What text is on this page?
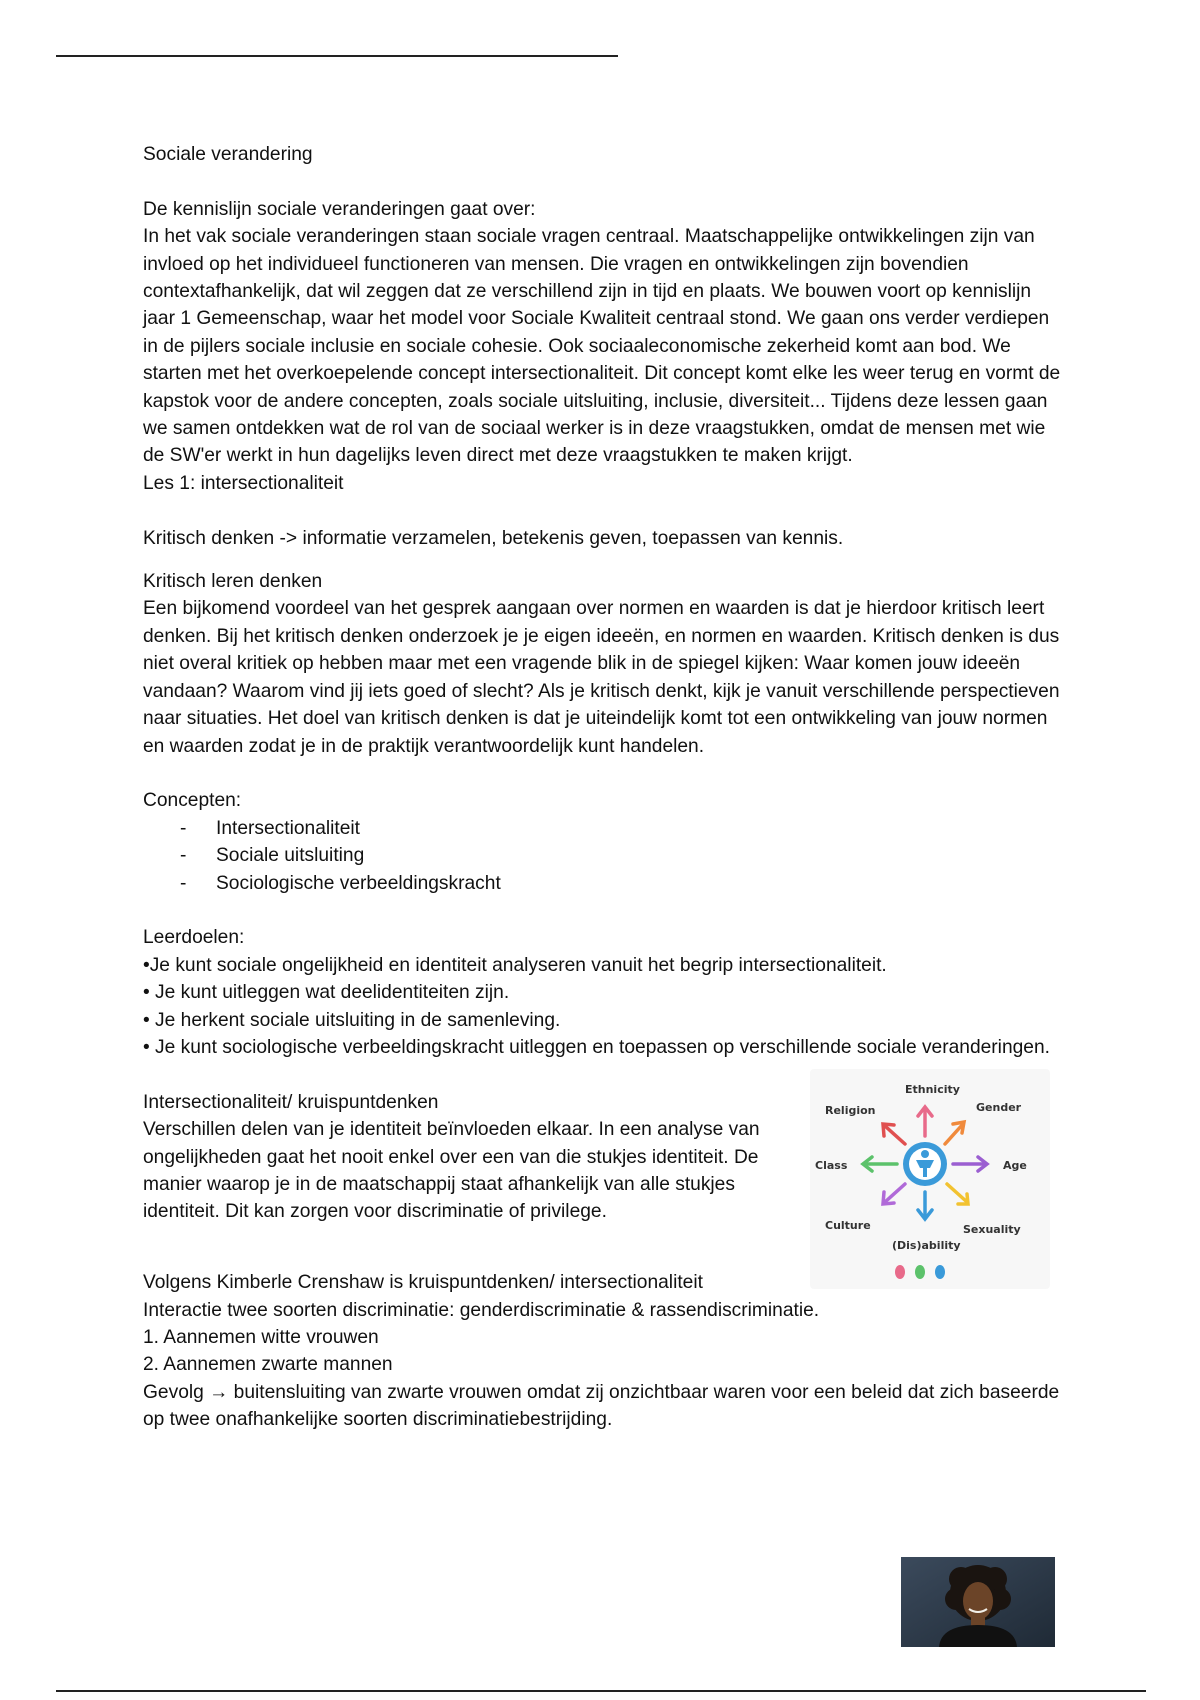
Sociale verandering

De kennislijn sociale veranderingen gaat over:

In het vak sociale veranderingen staan sociale vragen centraal. Maatschappelijke ontwikkelingen zijn van invloed op het individueel functioneren van mensen. Die vragen en ontwikkelingen zijn bovendien contextafhankelijk, dat wil zeggen dat ze verschillend zijn in tijd en plaats. We bouwen voort op kennislijn jaar 1 Gemeenschap, waar het model voor Sociale Kwaliteit centraal stond. We gaan ons verder verdiepen in de pijlers sociale inclusie en sociale cohesie. Ook sociaaleconomische zekerheid komt aan bod. We starten met het overkoepelende concept intersectionaliteit. Dit concept komt elke les weer terug en vormt de kapstok voor de andere concepten, zoals sociale uitsluiting, inclusie, diversiteit... Tijdens deze lessen gaan we samen ontdekken wat de rol van de sociaal werker is in deze vraagstukken, omdat de mensen met wie de SW'er werkt in hun dagelijks leven direct met deze vraagstukken te maken krijgt.

Les 1: intersectionaliteit

Kritisch denken -> informatie verzamelen, betekenis geven, toepassen van kennis.

Kritisch leren denken

Een bijkomend voordeel van het gesprek aangaan over normen en waarden is dat je hierdoor kritisch leert denken. Bij het kritisch denken onderzoek je je eigen ideeën, en normen en waarden. Kritisch denken is dus niet overal kritiek op hebben maar met een vragende blik in de spiegel kijken: Waar komen jouw ideeën vandaan? Waarom vind jij iets goed of slecht? Als je kritisch denkt, kijk je vanuit verschillende perspectieven naar situaties. Het doel van kritisch denken is dat je uiteindelijk komt tot een ontwikkeling van jouw normen en waarden zodat je in de praktijk verantwoordelijk kunt handelen.

Concepten:

- Intersectionaliteit
- Sociale uitsluiting
- Sociologische verbeeldingskracht

Leerdoelen:

•Je kunt sociale ongelijkheid en identiteit analyseren vanuit het begrip intersectionaliteit.

• Je kunt uitleggen wat deelidentiteiten zijn.

• Je herkent sociale uitsluiting in de samenleving.

• Je kunt sociologische verbeeldingskracht uitleggen en toepassen op verschillende sociale veranderingen.

Intersectionaliteit/ kruispuntdenken

Verschillen delen van je identiteit beïnvloeden elkaar. In een analyse van ongelijkheden gaat het nooit enkel over een van die stukjes identiteit. De manier waarop je in de maatschappij staat afhankelijk van alle stukjes identiteit. Dit kan zorgen voor discriminatie of privilege.

Ethnicity
Gender
Age
Sexuality
(Dis)ability
Culture
Class
Religion

Volgens Kimberle Crenshaw is kruispuntdenken/ intersectionaliteit

Interactie twee soorten discriminatie: genderdiscriminatie & rassendiscriminatie.

1. Aannemen witte vrouwen

2. Aannemen zwarte mannen

Gevolg → buitensluiting van zwarte vrouwen omdat zij onzichtbaar waren voor een beleid dat zich baseerde op twee onafhankelijke soorten discriminatiebestrijding.
